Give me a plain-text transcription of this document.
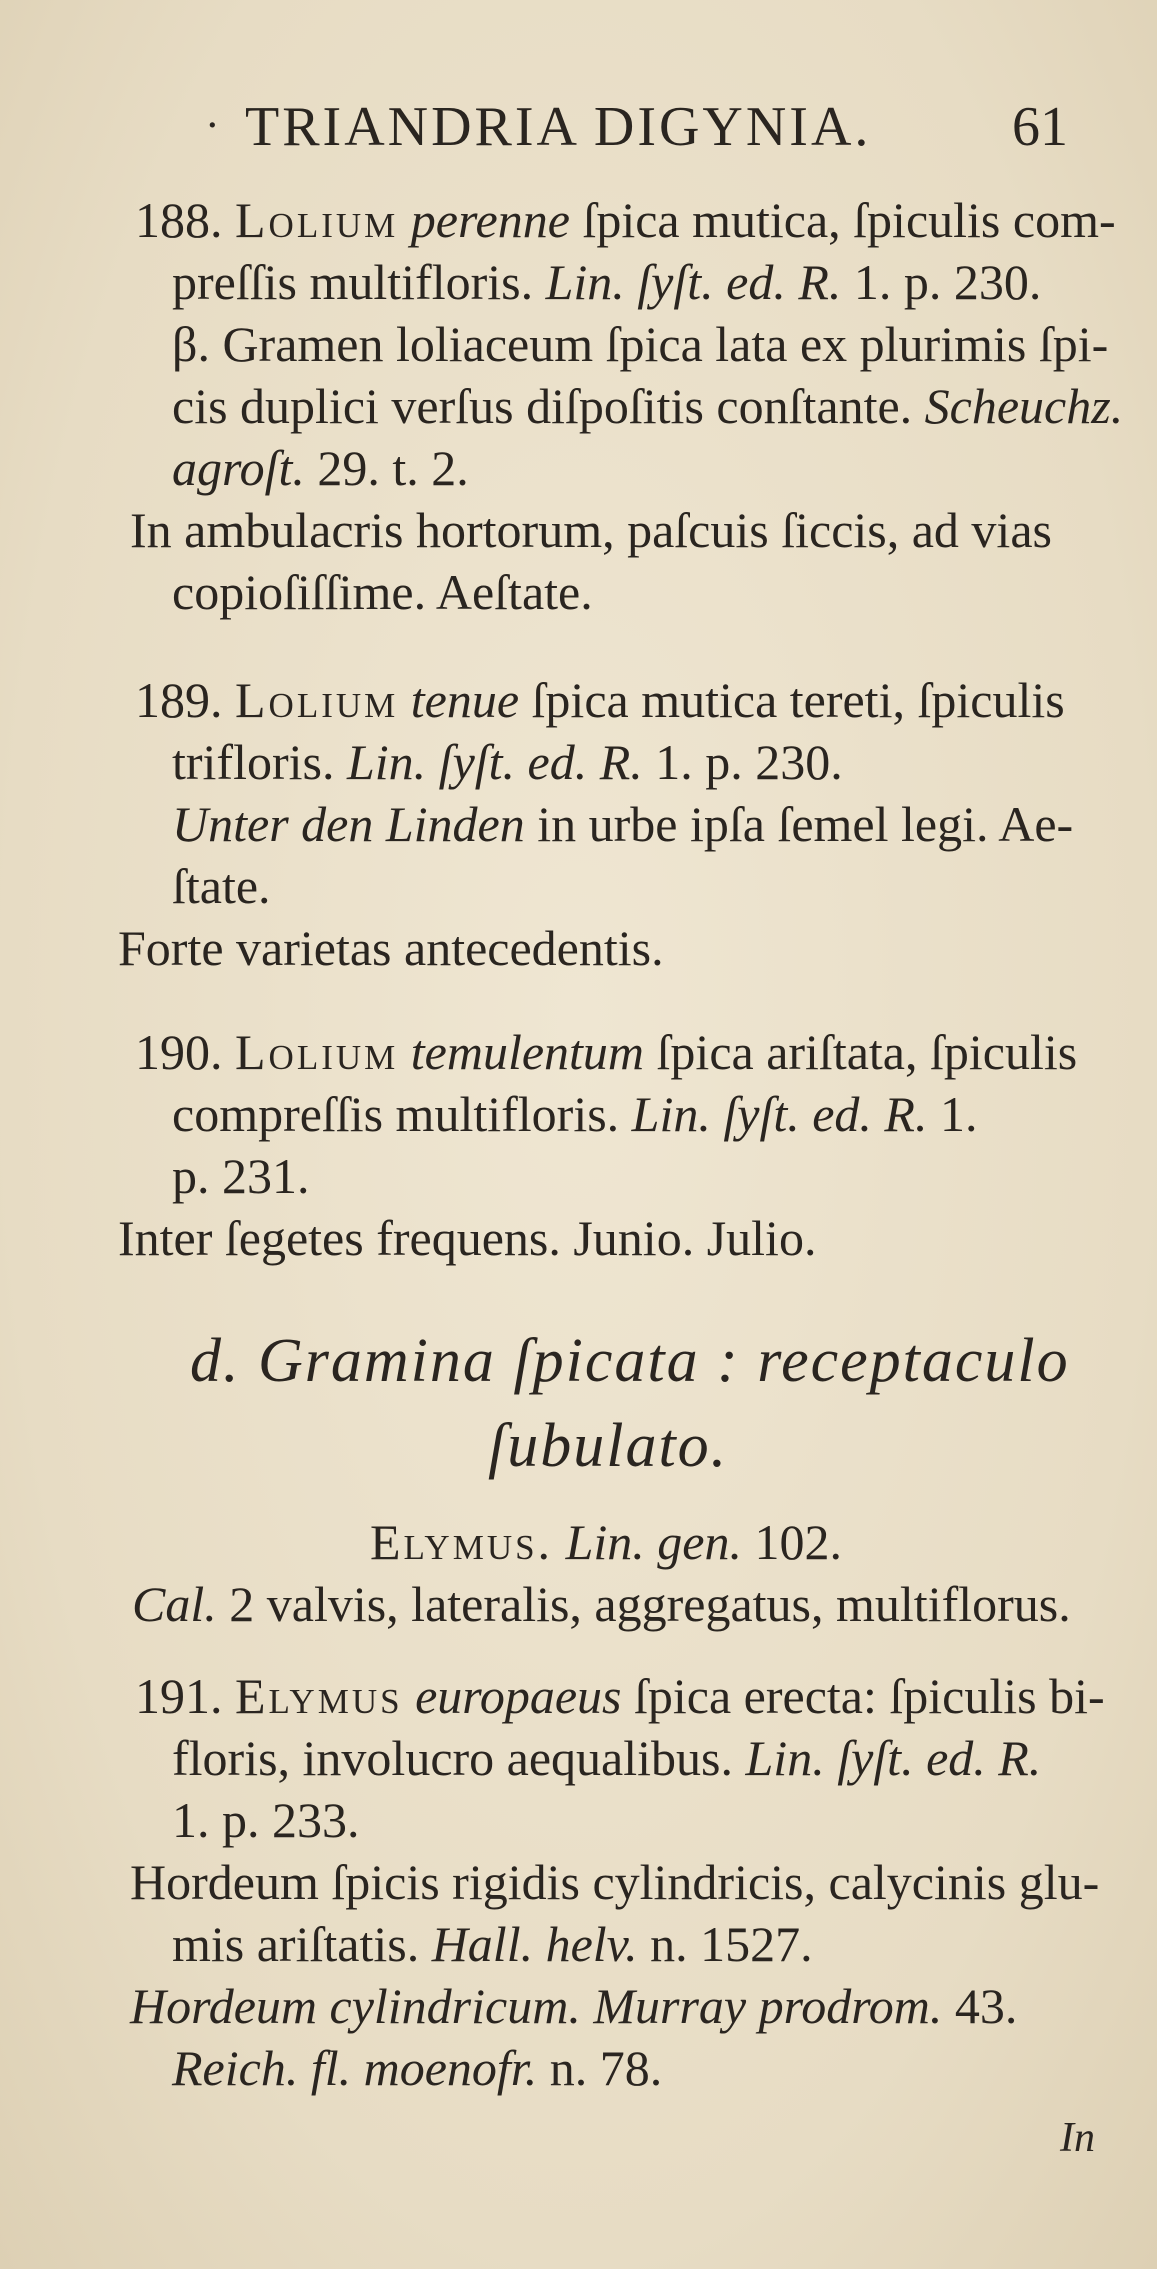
· TRIANDRIA DIGYNIA.	61
188. Lolium perenne ſpica mutica, ſpiculis com-
preſſis multifloris. Lin. ſyſt. ed. R. 1. p. 230.
β. Gramen loliaceum ſpica lata ex plurimis ſpi-
cis duplici verſus diſpoſitis conſtante. Scheuchz.
agroſt. 29. t. 2.
In ambulacris hortorum, paſcuis ſiccis, ad vias
copioſiſſime. Aeſtate.
189. Lolium tenue ſpica mutica tereti, ſpiculis
trifloris. Lin. ſyſt. ed. R. 1. p. 230.
Unter den Linden in urbe ipſa ſemel legi. Ae-
ſtate.
Forte varietas antecedentis.
190. Lolium temulentum ſpica ariſtata, ſpiculis
compreſſis multifloris. Lin. ſyſt. ed. R. 1.
p. 231.
Inter ſegetes frequens. Junio. Julio.
d. Gramina ſpicata : receptaculo
ſubulato.
Elymus. Lin. gen. 102.
Cal. 2 valvis, lateralis, aggregatus, multiflorus.
191. Elymus europaeus ſpica erecta: ſpiculis bi-
floris, involucro aequalibus. Lin. ſyſt. ed. R.
1. p. 233.
Hordeum ſpicis rigidis cylindricis, calycinis glu-
mis ariſtatis. Hall. helv. n. 1527.
Hordeum cylindricum. Murray prodrom. 43.
Reich. fl. moenofr. n. 78.
In
